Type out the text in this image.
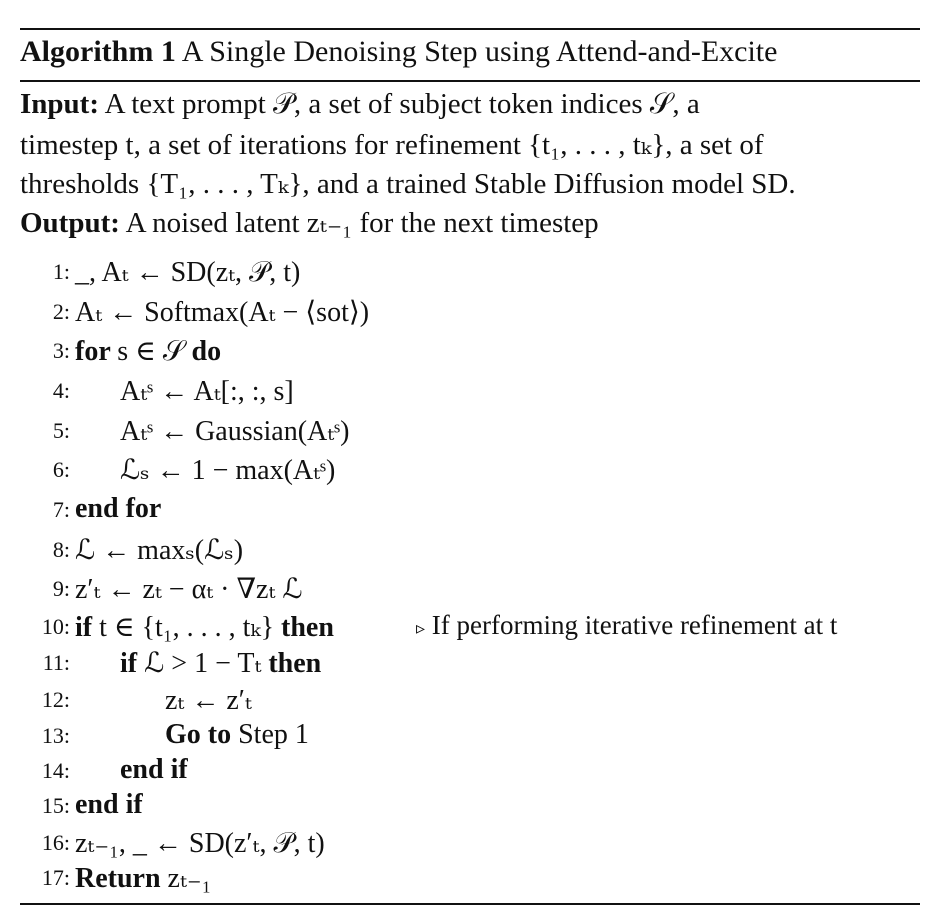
Algorithm 1 A Single Denoising Step using Attend-and-Excite
Input: A text prompt 𝒫, a set of subject token indices 𝒮, a
timestep t, a set of iterations for refinement {t₁, . . . , tₖ}, a set of
thresholds {T₁, . . . , Tₖ}, and a trained Stable Diffusion model SD.
Output: A noised latent zₜ₋₁ for the next timestep
1: _, Aₜ ← SD(zₜ, 𝒫, t)
2: Aₜ ← Softmax(Aₜ − ⟨sot⟩)
3: for s ∈ 𝒮 do
4: Aₜˢ ← Aₜ[:, :, s]
5: Aₜˢ ← Gaussian(Aₜˢ)
6: ℒₛ ← 1 − max(Aₜˢ)
7: end for
8: ℒ ← maxₛ(ℒₛ)
9: z′ₜ ← zₜ − αₜ · ∇zₜ ℒ
10: if t ∈ {t₁, . . . , tₖ} then	▹ If performing iterative refinement at t
11: if ℒ > 1 − Tₜ then
12:	zₜ ← z′ₜ
13:	Go to Step 1
14: end if
15: end if
16: zₜ₋₁, _ ← SD(z′ₜ, 𝒫, t)
17: Return zₜ₋₁
